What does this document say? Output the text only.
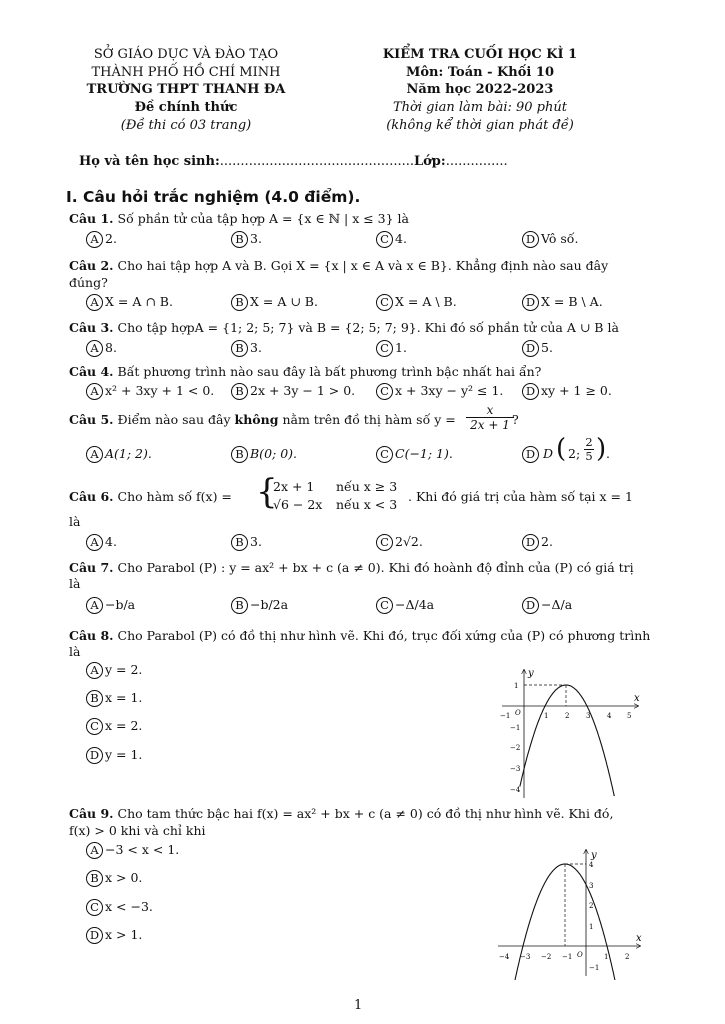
SỞ GIÁO DỤC VÀ ĐÀO TẠO
THÀNH PHỐ HỒ CHÍ MINH
TRƯỜNG THPT THANH ĐA
Đề chính thức
(Đề thi có 03 trang)
KIỂM TRA CUỐI HỌC KÌ 1
Môn: Toán - Khối 10
Năm học 2022-2023
Thời gian làm bài: 90 phút
(không kể thời gian phát đề)
Họ và tên học sinh:...............................................Lớp:...............
I. Câu hỏi trắc nghiệm (4.0 điểm).
Câu 1. Số phần tử của tập hợp A = {x ∈ ℕ | x ≤ 3} là
A 2.	B 3.	C 4.	D Vô số.
Câu 2. Cho hai tập hợp A và B. Gọi X = {x | x ∈ A và x ∈ B}. Khẳng định nào sau đây
đúng?
A X = A ∩ B.	B X = A ∪ B.	C X = A \ B.	D X = B \ A.
Câu 3. Cho tập hợpA = {1; 2; 5; 7} và B = {2; 5; 7; 9}. Khi đó số phần tử của A ∪ B là
A 8.	B 3.	C 1.	D 5.
Câu 4. Bất phương trình nào sau đây là bất phương trình bậc nhất hai ẩn?
A x² + 3xy + 1 < 0.	B 2x + 3y − 1 > 0.	C x + 3xy − y² ≤ 1.	D xy + 1 ≥ 0.
Câu 5. Điểm nào sau đây không nằm trên đồ thị hàm số y =
x
2x + 1 ?
A A(1; 2).	B B(0; 0).	C C(−1; 1).	D D ( 2;
2
5 ) .
Câu 6. Cho hàm số f(x) = {
2x + 1 nếu x ≥ 3
√6 − 2x nếu x < 3
. Khi đó giá trị của hàm số tại x = 1
là
A 4.	B 3.	C 2√2.	D 2.
Câu 7. Cho Parabol (P) : y = ax² + bx + c (a ≠ 0). Khi đó hoành độ đỉnh của (P) có giá trị
là
A −b/a	B −b/2a	C −Δ/4a	D −Δ/a
Câu 8. Cho Parabol (P) có đồ thị như hình vẽ. Khi đó, trục đối xứng của (P) có phương trình
là
A y = 2.
B x = 1.
C x = 2.
D y = 1.
x
y
O
−1	1 2 3 4 5
1
−1
−2
−3
−4
Câu 9. Cho tam thức bậc hai f(x) = ax² + bx + c (a ≠ 0) có đồ thị như hình vẽ. Khi đó,
f(x) > 0 khi và chỉ khi
A −3 < x < 1.
B x > 0.
C x < −3.
D x > 1.	x
y
O
−4 −3 −2 −1	1 2
4
3
2
1
−1
1
